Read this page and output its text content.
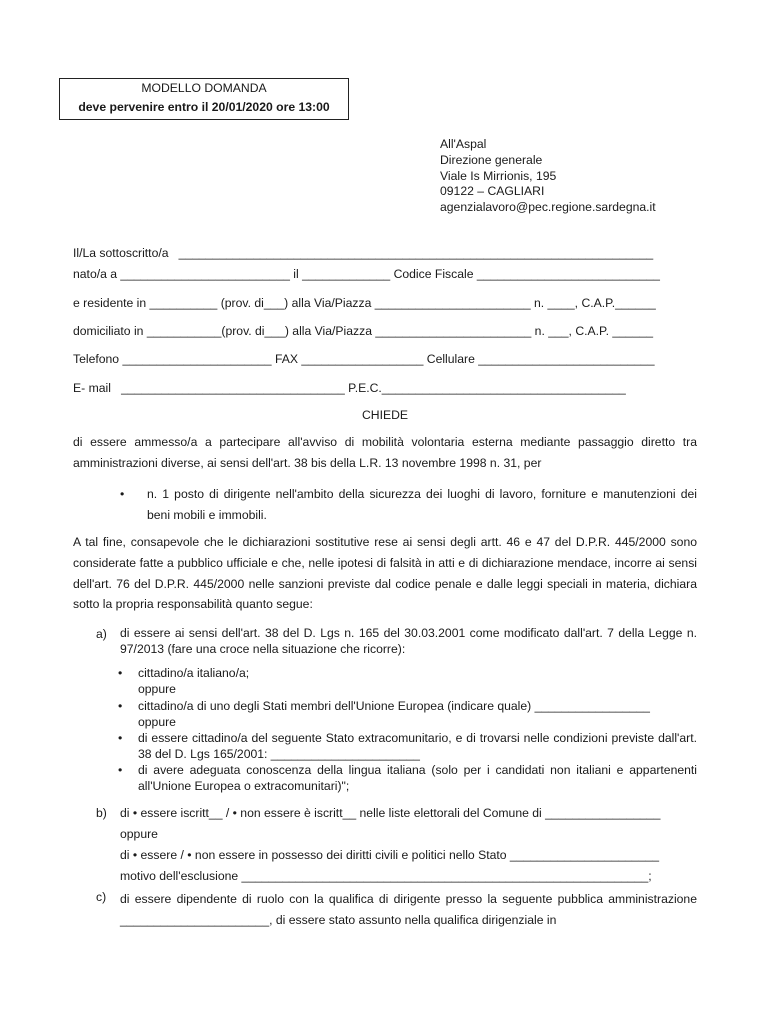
MODELLO DOMANDA
deve pervenire entro il 20/01/2020 ore 13:00
All'Aspal
Direzione generale
Viale Is Mirrionis, 195
09122 – CAGLIARI
agenzialavoro@pec.regione.sardegna.it
Il/La sottoscritto/a   ______________________________________________________________________
nato/a a _________________________ il _____________ Codice Fiscale ___________________________
e residente in __________ (prov. di___) alla Via/Piazza _______________________ n. ____, C.A.P.______
domiciliato in ___________(prov. di___) alla Via/Piazza _______________________ n. ___, C.A.P. ______
Telefono ______________________ FAX __________________ Cellulare __________________________
E- mail   _________________________________ P.E.C.____________________________________
CHIEDE
di essere ammesso/a a partecipare all'avviso di mobilità volontaria esterna mediante passaggio diretto tra amministrazioni diverse, ai sensi dell'art. 38 bis della L.R. 13 novembre 1998 n. 31, per
• n. 1 posto di dirigente nell'ambito della sicurezza dei luoghi di lavoro, forniture e manutenzioni dei beni mobili e immobili.
A tal fine, consapevole che le dichiarazioni sostitutive rese ai sensi degli artt. 46 e 47 del D.P.R. 445/2000 sono considerate fatte a pubblico ufficiale e che, nelle ipotesi di falsità in atti e di dichiarazione mendace, incorre ai sensi dell'art. 76 del D.P.R. 445/2000 nelle sanzioni previste dal codice penale e dalle leggi speciali in materia, dichiara sotto la propria responsabilità quanto segue:
a) di essere ai sensi dell'art. 38 del D. Lgs n. 165 del 30.03.2001 come modificato dall'art. 7 della Legge n. 97/2013 (fare una croce nella situazione che ricorre):
• cittadino/a italiano/a;
oppure
• cittadino/a di uno degli Stati membri dell'Unione Europea (indicare quale) _________________
oppure
• di essere cittadino/a del seguente Stato extracomunitario, e di trovarsi nelle condizioni previste dall'art. 38 del D. Lgs 165/2001: ______________________
• di avere adeguata conoscenza della lingua italiana (solo per i candidati non italiani e appartenenti all'Unione Europea o extracomunitari)";
b) di • essere iscritt__ / • non essere è iscritt__ nelle liste elettorali del Comune di _________________
oppure
di • essere / • non essere in possesso dei diritti civili e politici nello Stato ______________________
motivo dell'esclusione ____________________________________________________________;
c) di essere dipendente di ruolo con la qualifica di dirigente presso la seguente pubblica amministrazione ______________________, di essere stato assunto nella qualifica dirigenziale in
